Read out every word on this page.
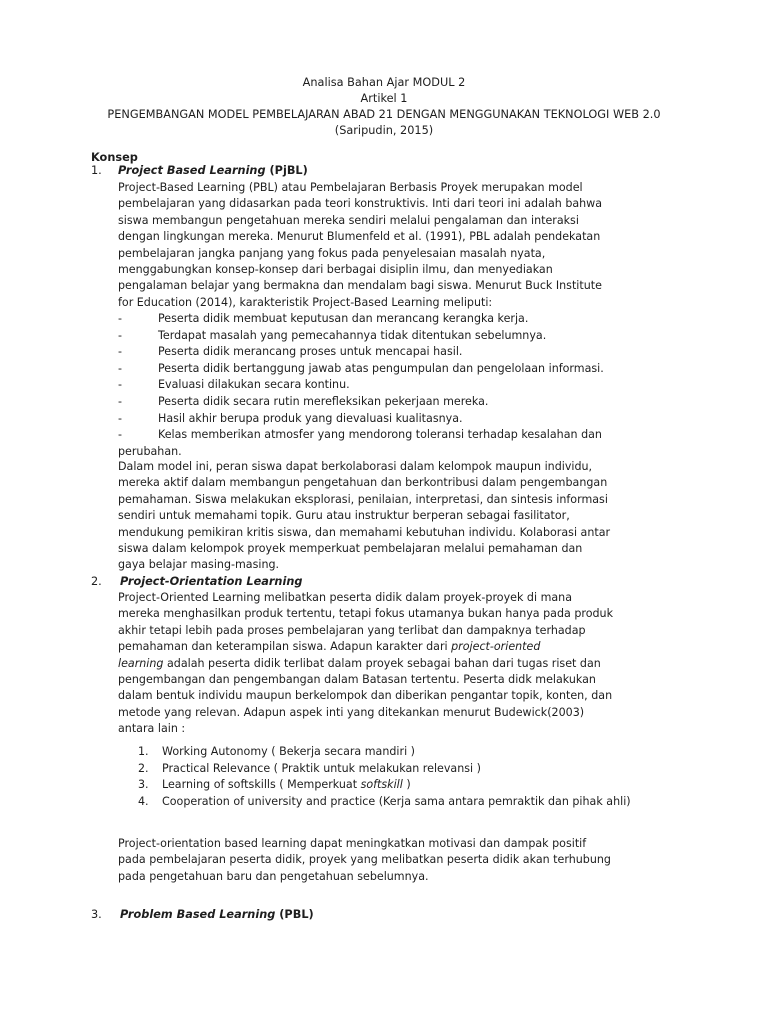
Analisa Bahan Ajar MODUL 2
Artikel 1
PENGEMBANGAN MODEL PEMBELAJARAN ABAD 21 DENGAN MENGGUNAKAN TEKNOLOGI WEB 2.0
(Saripudin, 2015)
Konsep
1. Project Based Learning (PjBL)
Project-Based Learning (PBL) atau Pembelajaran Berbasis Proyek merupakan model
pembelajaran yang didasarkan pada teori konstruktivis. Inti dari teori ini adalah bahwa
siswa membangun pengetahuan mereka sendiri melalui pengalaman dan interaksi
dengan lingkungan mereka. Menurut Blumenfeld et al. (1991), PBL adalah pendekatan
pembelajaran jangka panjang yang fokus pada penyelesaian masalah nyata,
menggabungkan konsep-konsep dari berbagai disiplin ilmu, dan menyediakan
pengalaman belajar yang bermakna dan mendalam bagi siswa. Menurut Buck Institute
for Education (2014), karakteristik Project-Based Learning meliputi:
-	Peserta didik membuat keputusan dan merancang kerangka kerja.
-	Terdapat masalah yang pemecahannya tidak ditentukan sebelumnya.
-	Peserta didik merancang proses untuk mencapai hasil.
-	Peserta didik bertanggung jawab atas pengumpulan dan pengelolaan informasi.
-	Evaluasi dilakukan secara kontinu.
-	Peserta didik secara rutin merefleksikan pekerjaan mereka.
-	Hasil akhir berupa produk yang dievaluasi kualitasnya.
-	Kelas memberikan atmosfer yang mendorong toleransi terhadap kesalahan dan
perubahan.
Dalam model ini, peran siswa dapat berkolaborasi dalam kelompok maupun individu,
mereka aktif dalam membangun pengetahuan dan berkontribusi dalam pengembangan
pemahaman. Siswa melakukan eksplorasi, penilaian, interpretasi, dan sintesis informasi
sendiri untuk memahami topik. Guru atau instruktur berperan sebagai fasilitator,
mendukung pemikiran kritis siswa, dan memahami kebutuhan individu. Kolaborasi antar
siswa dalam kelompok proyek memperkuat pembelajaran melalui pemahaman dan
gaya belajar masing-masing.
2. Project-Orientation Learning
Project-Oriented Learning melibatkan peserta didik dalam proyek-proyek di mana
mereka menghasilkan produk tertentu, tetapi fokus utamanya bukan hanya pada produk
akhir tetapi lebih pada proses pembelajaran yang terlibat dan dampaknya terhadap
pemahaman dan keterampilan siswa. Adapun karakter dari project-oriented
learning adalah peserta didik terlibat dalam proyek sebagai bahan dari tugas riset dan
pengembangan dan pengembangan dalam Batasan tertentu. Peserta didk melakukan
dalam bentuk individu maupun berkelompok dan diberikan pengantar topik, konten, dan
metode yang relevan. Adapun aspek inti yang ditekankan menurut Budewick(2003)
antara lain :
1. Working Autonomy ( Bekerja secara mandiri )
2. Practical Relevance ( Praktik untuk melakukan relevansi )
3. Learning of softskills ( Memperkuat softskill )
4. Cooperation of university and practice (Kerja sama antara pemraktik dan pihak ahli)
Project-orientation based learning dapat meningkatkan motivasi dan dampak positif
pada pembelajaran peserta didik, proyek yang melibatkan peserta didik akan terhubung
pada pengetahuan baru dan pengetahuan sebelumnya.
3. Problem Based Learning (PBL)
